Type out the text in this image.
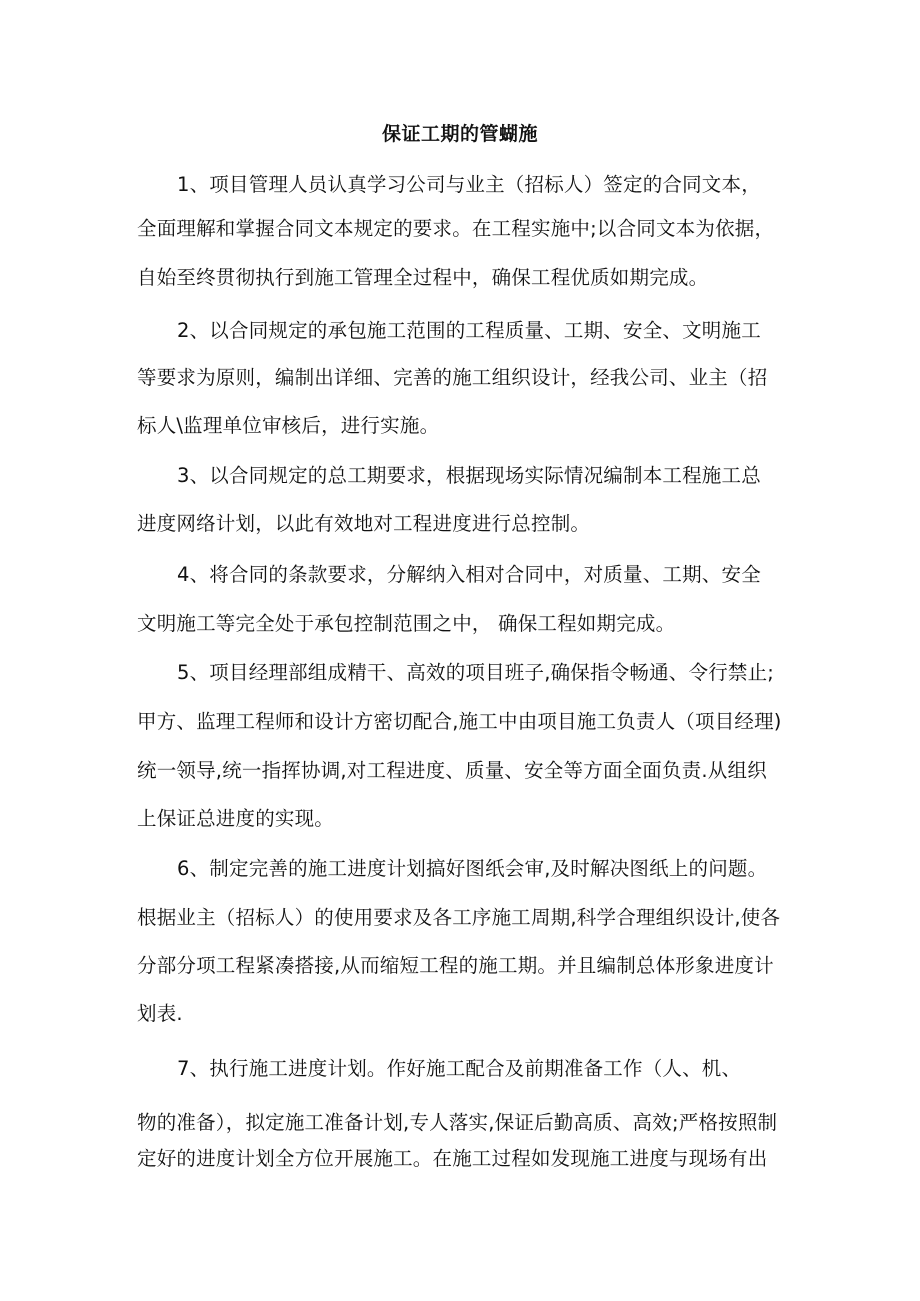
保证工期的管蝴施
1、项目管理人员认真学习公司与业主（招标人）签定的合同文本，
全面理解和掌握合同文本规定的要求。在工程实施中;以合同文本为依据，
自始至终贯彻执行到施工管理全过程中，确保工程优质如期完成。
2、以合同规定的承包施工范围的工程质量、工期、安全、文明施工
等要求为原则，编制出详细、完善的施工组织设计，经我公司、业主（招
标人\监理单位审核后，进行实施。
3、以合同规定的总工期要求，根据现场实际情况编制本工程施工总
进度网络计划，以此有效地对工程进度进行总控制。
4、将合同的条款要求，分解纳入相对合同中，对质量、工期、安全
文明施工等完全处于承包控制范围之中， 确保工程如期完成。
5、项目经理部组成精干、高效的项目班子,确保指令畅通、令行禁止;
甲方、监理工程师和设计方密切配合,施工中由项目施工负责人（项目经理)
统一领导,统一指挥协调,对工程进度、质量、安全等方面全面负责.从组织
上保证总进度的实现。
6、制定完善的施工进度计划搞好图纸会审,及时解决图纸上的问题。
根据业主（招标人）的使用要求及各工序施工周期,科学合理组织设计,使各
分部分项工程紧凑搭接,从而缩短工程的施工期。并且编制总体形象进度计
划表.
7、执行施工进度计划。作好施工配合及前期准备工作（人、机、
物的准备），拟定施工准备计划,专人落实,保证后勤高质、高效;严格按照制
定好的进度计划全方位开展施工。在施工过程如发现施工进度与现场有出
